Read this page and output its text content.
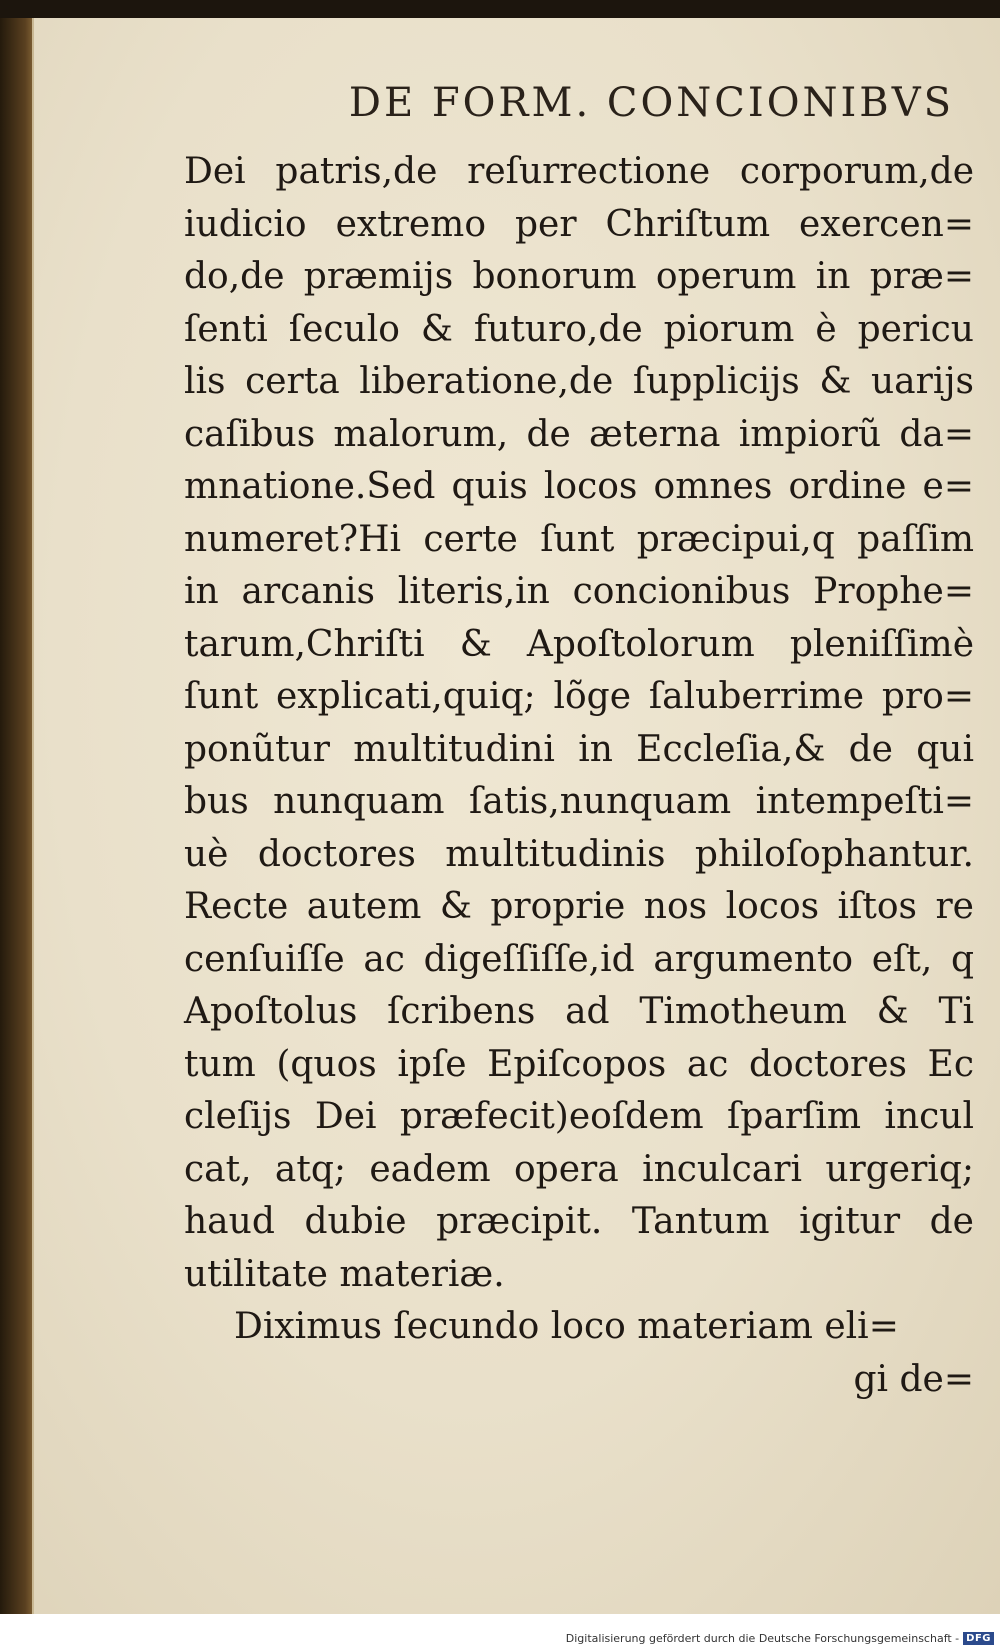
DE FORM. CONCIONIBVS
Dei patris,de reſurrectione corporum,de
iudicio extremo per Chriſtum exercen=
do,de præmijs bonorum operum in præ=
ſenti ſeculo & futuro,de piorum è pericu
lis certa liberatione,de ſupplicijs & uarijs
caſibus malorum, de æterna impiorũ da=
mnatione.Sed quis locos omnes ordine e=
numeret?Hi certe ſunt præcipui,q paſſim
in arcanis literis,in concionibus Prophe=
tarum,Chriſti & Apoſtolorum pleniſſimè
ſunt explicati,quiq; lõge ſaluberrime pro=
ponũtur multitudini in Eccleſia,& de qui
bus nunquam ſatis,nunquam intempeſti=
uè doctores multitudinis philoſophantur.
Recte autem & proprie nos locos iſtos re
cenſuiſſe ac digeſſiſſe,id argumento eſt, q
Apoſtolus ſcribens ad Timotheum & Ti
tum (quos ipſe Epiſcopos ac doctores Ec
cleſijs Dei præfecit)eoſdem ſparſim incul
cat, atq; eadem opera inculcari urgeriq;
haud dubie præcipit. Tantum igitur de
utilitate materiæ.
Diximus ſecundo loco materiam eli=
gi de=
Digitalisierung gefördert durch die Deutsche Forschungsgemeinschaft - DFG
